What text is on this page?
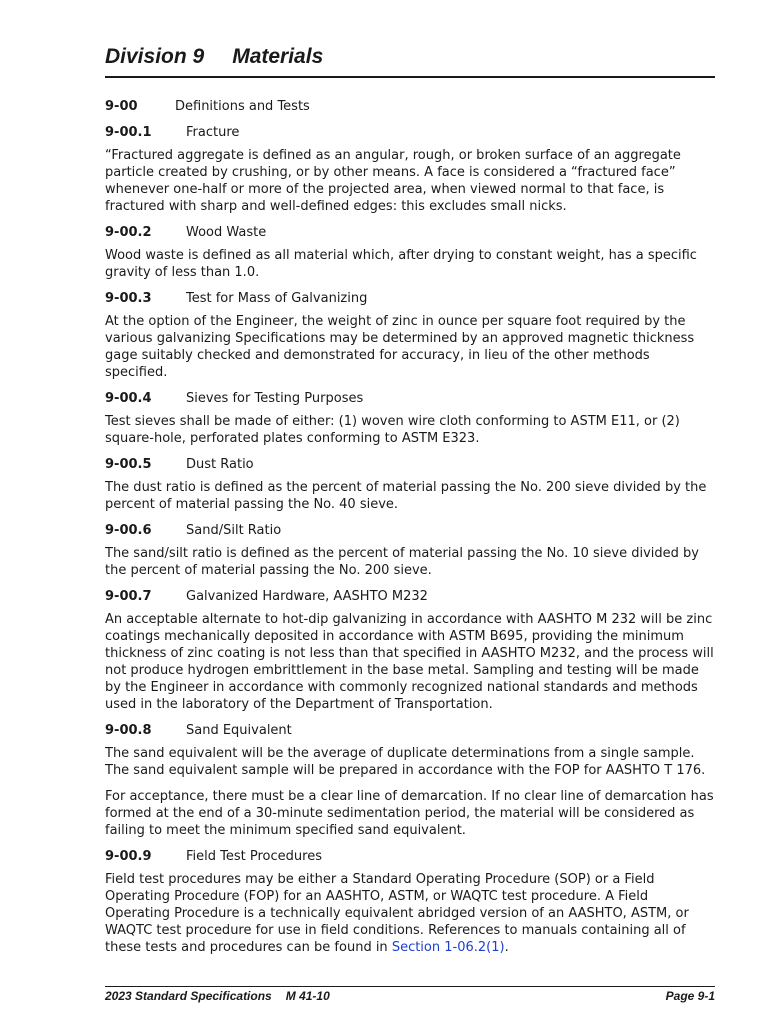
Division 9 Materials
9-00	Definitions and Tests
9-00.1	Fracture

“Fractured aggregate is defined as an angular, rough, or broken surface of an aggregate particle created by crushing, or by other means. A face is considered a “fractured face” whenever one-half or more of the projected area, when viewed normal to that face, is fractured with sharp and well-defined edges: this excludes small nicks.

9-00.2	Wood Waste

Wood waste is defined as all material which, after drying to constant weight, has a specific gravity of less than 1.0.

9-00.3	Test for Mass of Galvanizing

At the option of the Engineer, the weight of zinc in ounce per square foot required by the various galvanizing Specifications may be determined by an approved magnetic thickness gage suitably checked and demonstrated for accuracy, in lieu of the other methods specified.

9-00.4	Sieves for Testing Purposes

Test sieves shall be made of either: (1) woven wire cloth conforming to ASTM E11, or (2) square-hole, perforated plates conforming to ASTM E323.

9-00.5	Dust Ratio

The dust ratio is defined as the percent of material passing the No. 200 sieve divided by the percent of material passing the No. 40 sieve.

9-00.6	Sand/Silt Ratio

The sand/silt ratio is defined as the percent of material passing the No. 10 sieve divided by the percent of material passing the No. 200 sieve.

9-00.7	Galvanized Hardware, AASHTO M232

An acceptable alternate to hot-dip galvanizing in accordance with AASHTO M 232 will be zinc coatings mechanically deposited in accordance with ASTM B695, providing the minimum thickness of zinc coating is not less than that specified in AASHTO M232, and the process will not produce hydrogen embrittlement in the base metal. Sampling and testing will be made by the Engineer in accordance with commonly recognized national standards and methods used in the laboratory of the Department of Transportation.

9-00.8	Sand Equivalent

The sand equivalent will be the average of duplicate determinations from a single sample. The sand equivalent sample will be prepared in accordance with the FOP for AASHTO T 176.

For acceptance, there must be a clear line of demarcation. If no clear line of demarcation has formed at the end of a 30-minute sedimentation period, the material will be considered as failing to meet the minimum specified sand equivalent.

9-00.9	Field Test Procedures

Field test procedures may be either a Standard Operating Procedure (SOP) or a Field Operating Procedure (FOP) for an AASHTO, ASTM, or WAQTC test procedure. A Field Operating Procedure is a technically equivalent abridged version of an AASHTO, ASTM, or WAQTC test procedure for use in field conditions. References to manuals containing all of these tests and procedures can be found in Section 1-06.2(1).

2023 Standard Specifications M 41-10	Page 9-1
